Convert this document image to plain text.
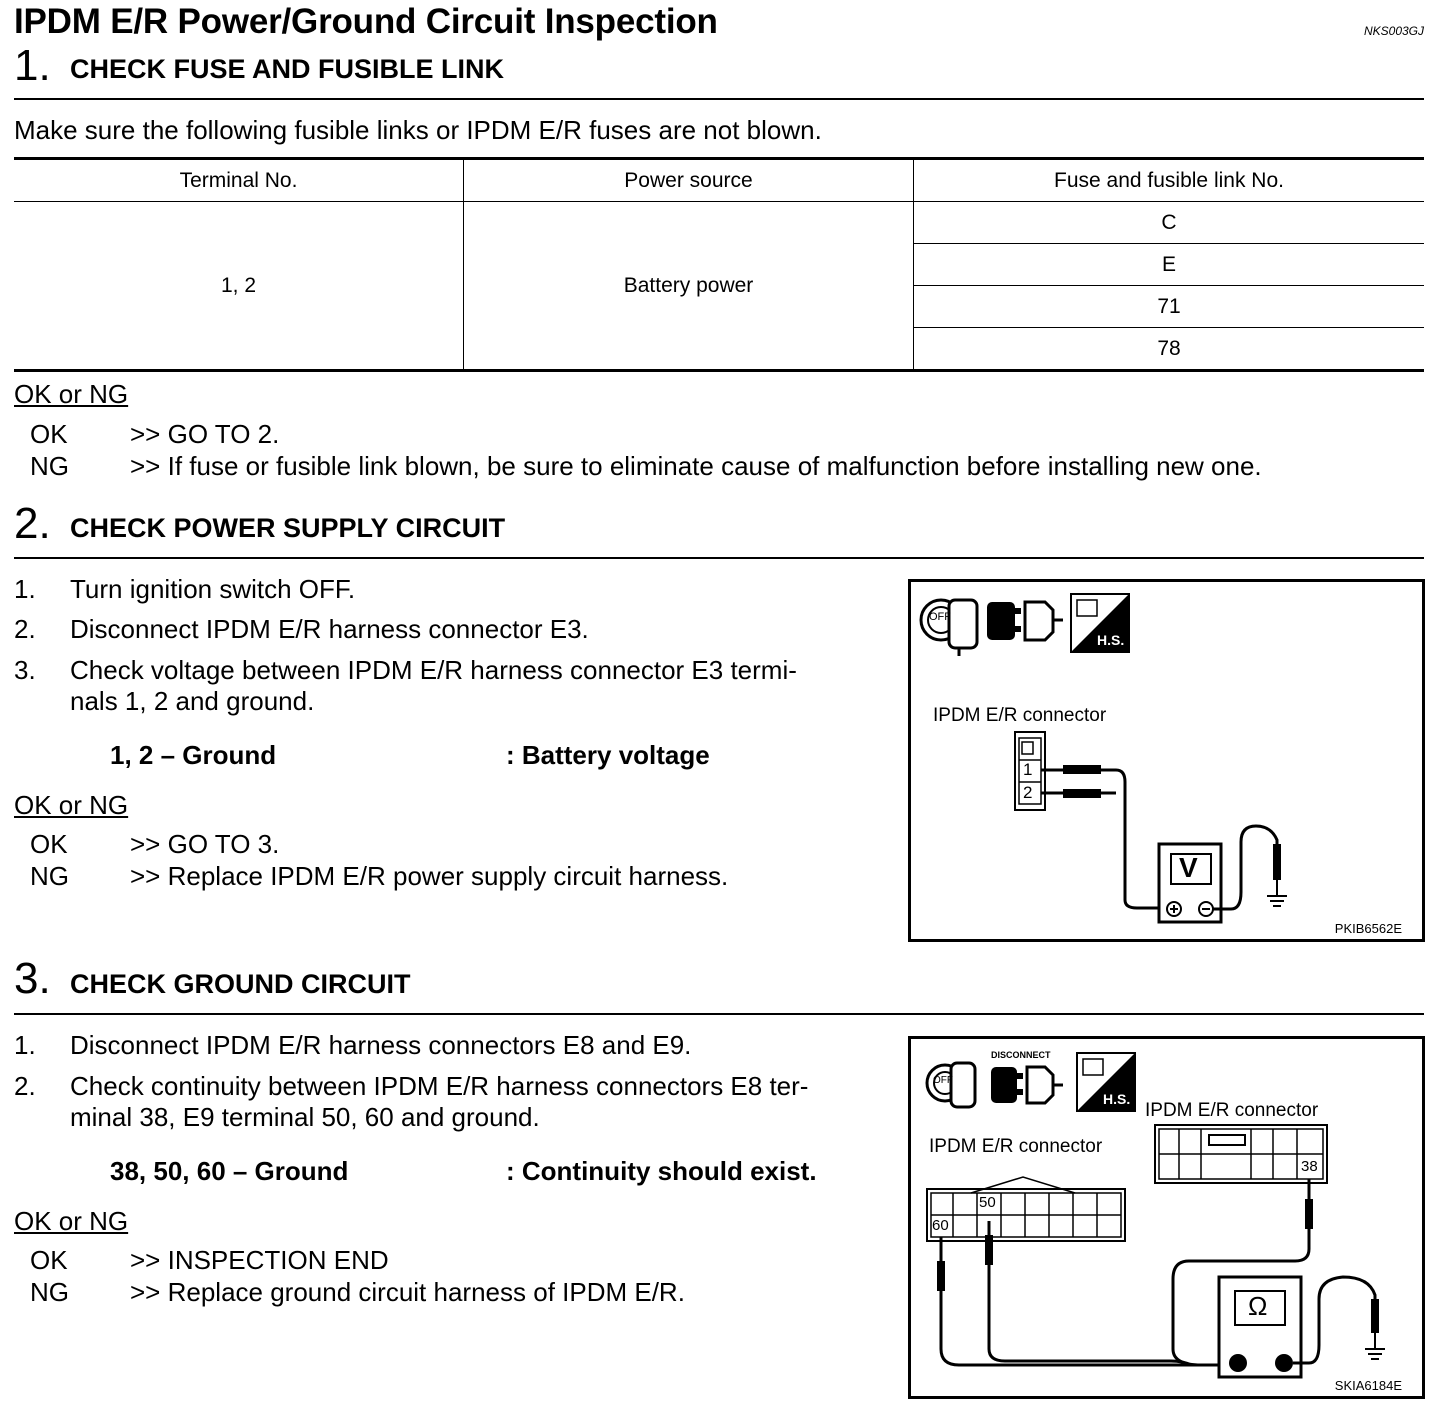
IPDM E/R Power/Ground Circuit Inspection	NKS003GJ
1. CHECK FUSE AND FUSIBLE LINK
Make sure the following fusible links or IPDM E/R fuses are not blown.
Terminal No.	Power source	Fuse and fusible link No.
1, 2	Battery power	C
		E
		71
		78
OK or NG
OK >> GO TO 2.
NG >> If fuse or fusible link blown, be sure to eliminate cause of malfunction before installing new one.
2. CHECK POWER SUPPLY CIRCUIT
1. Turn ignition switch OFF.
2. Disconnect IPDM E/R harness connector E3.
3. Check voltage between IPDM E/R harness connector E3 termi-
nals 1, 2 and ground.
1, 2 – Ground	: Battery voltage
OK or NG
OK >> GO TO 3.
NG >> Replace IPDM E/R power supply circuit harness.
IPDM E/R connector
1
2
V
OFF
H.S.
PKIB6562E
3. CHECK GROUND CIRCUIT
1. Disconnect IPDM E/R harness connectors E8 and E9.
2. Check continuity between IPDM E/R harness connectors E8 ter-
minal 38, E9 terminal 50, 60 and ground.
38, 50, 60 – Ground	: Continuity should exist.
OK or NG
OK >> INSPECTION END
NG >> Replace ground circuit harness of IPDM E/R.
DISCONNECT
OFF
H.S.
IPDM E/R connector
IPDM E/R connector
50
60
38
Ω
SKIA6184E
